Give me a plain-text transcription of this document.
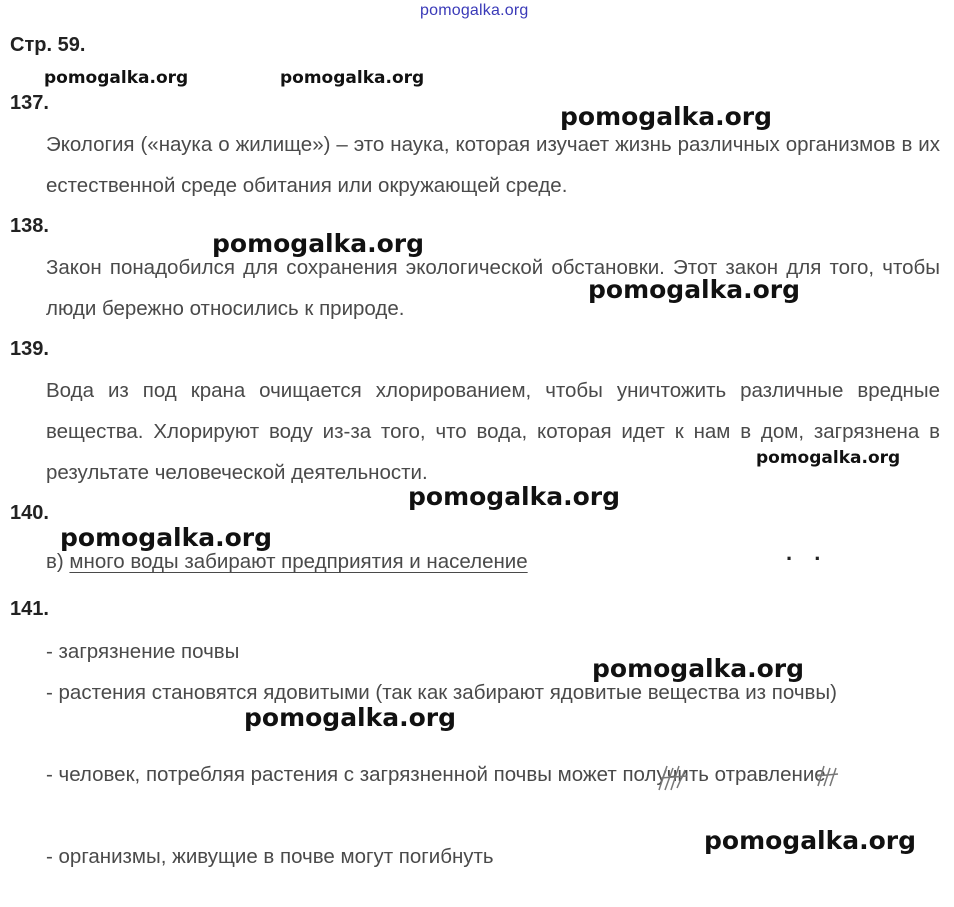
pomogalka.org
Стр. 59.
137.
Экология («наука о жилище») – это наука, которая изучает жизнь различных организмов в их естественной среде обитания или окружающей среде.
138.
Закон понадобился для сохранения экологической обстановки. Этот закон для того, чтобы люди бережно относились к природе.
139.
Вода из под крана очищается хлорированием, чтобы уничтожить различные вредные вещества. Хлорируют воду из-за того, что вода, которая идет к нам в дом, загрязнена в результате человеческой деятельности.
140.
в) много воды забирают предприятия и население	. .
141.
- загрязнение почвы
- растения становятся ядовитыми (так как забирают ядовитые вещества из почвы)
- человек, потребляя растения с загрязненной почвы может получить отравление
- организмы, живущие в почве могут погибнуть
pomogalka.org	pomogalka.org
pomogalka.org
pomogalka.org
pomogalka.org
pomogalka.org
pomogalka.org
pomogalka.org
pomogalka.org
pomogalka.org
pomogalka.org
